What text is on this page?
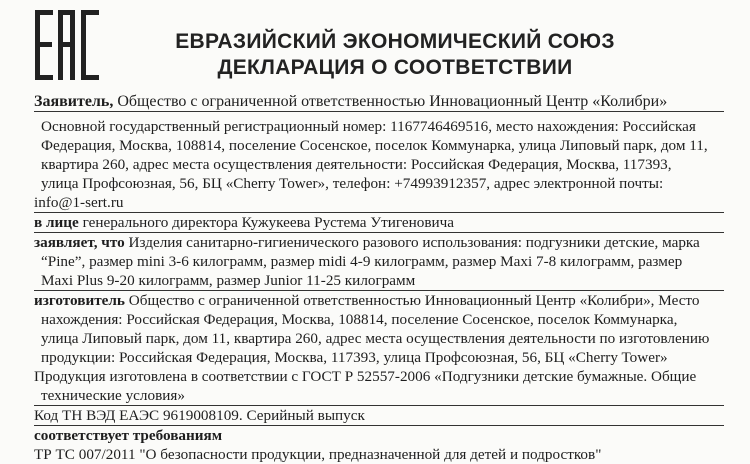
ЕВРАЗИЙСКИЙ ЭКОНОМИЧЕСКИЙ СОЮЗ
ДЕКЛАРАЦИЯ О СООТВЕТСТВИИ
Заявитель, Общество с ограниченной ответственностью Инновационный Центр «Колибри»
Основной государственный регистрационный номер: 1167746469516, место нахождения: Российская
Федерация, Москва, 108814, поселение Сосенское, поселок Коммунарка, улица Липовый парк, дом 11,
квартира 260, адрес места осуществления деятельности: Российская Федерация, Москва, 117393,
улица Профсоюзная, 56, БЦ «Cherry Tower», телефон: +74993912357, адрес электронной почты:
info@1-sert.ru
в лице генерального директора Кужукеева Рустема Утигеновича
заявляет, что Изделия санитарно-гигиенического разового использования: подгузники детские, марка
“Pine”, размер mini 3-6 килограмм, размер midi 4-9 килограмм, размер Maxi 7-8 килограмм, размер
Maxi Plus 9-20 килограмм, размер Junior 11-25 килограмм
изготовитель Общество с ограниченной ответственностью Инновационный Центр «Колибри», Место
нахождения: Российская Федерация, Москва, 108814, поселение Сосенское, поселок Коммунарка,
улица Липовый парк, дом 11, квартира 260, адрес места осуществления деятельности по изготовлению
продукции: Российская Федерация, Москва, 117393, улица Профсоюзная, 56, БЦ «Cherry Tower»
Продукция изготовлена в соответствии с ГОСТ Р 52557-2006 «Подгузники детские бумажные. Общие
технические условия»
Код ТН ВЭД ЕАЭС 9619008109. Серийный выпуск
соответствует требованиям
ТР ТС 007/2011 "О безопасности продукции, предназначенной для детей и подростков"
